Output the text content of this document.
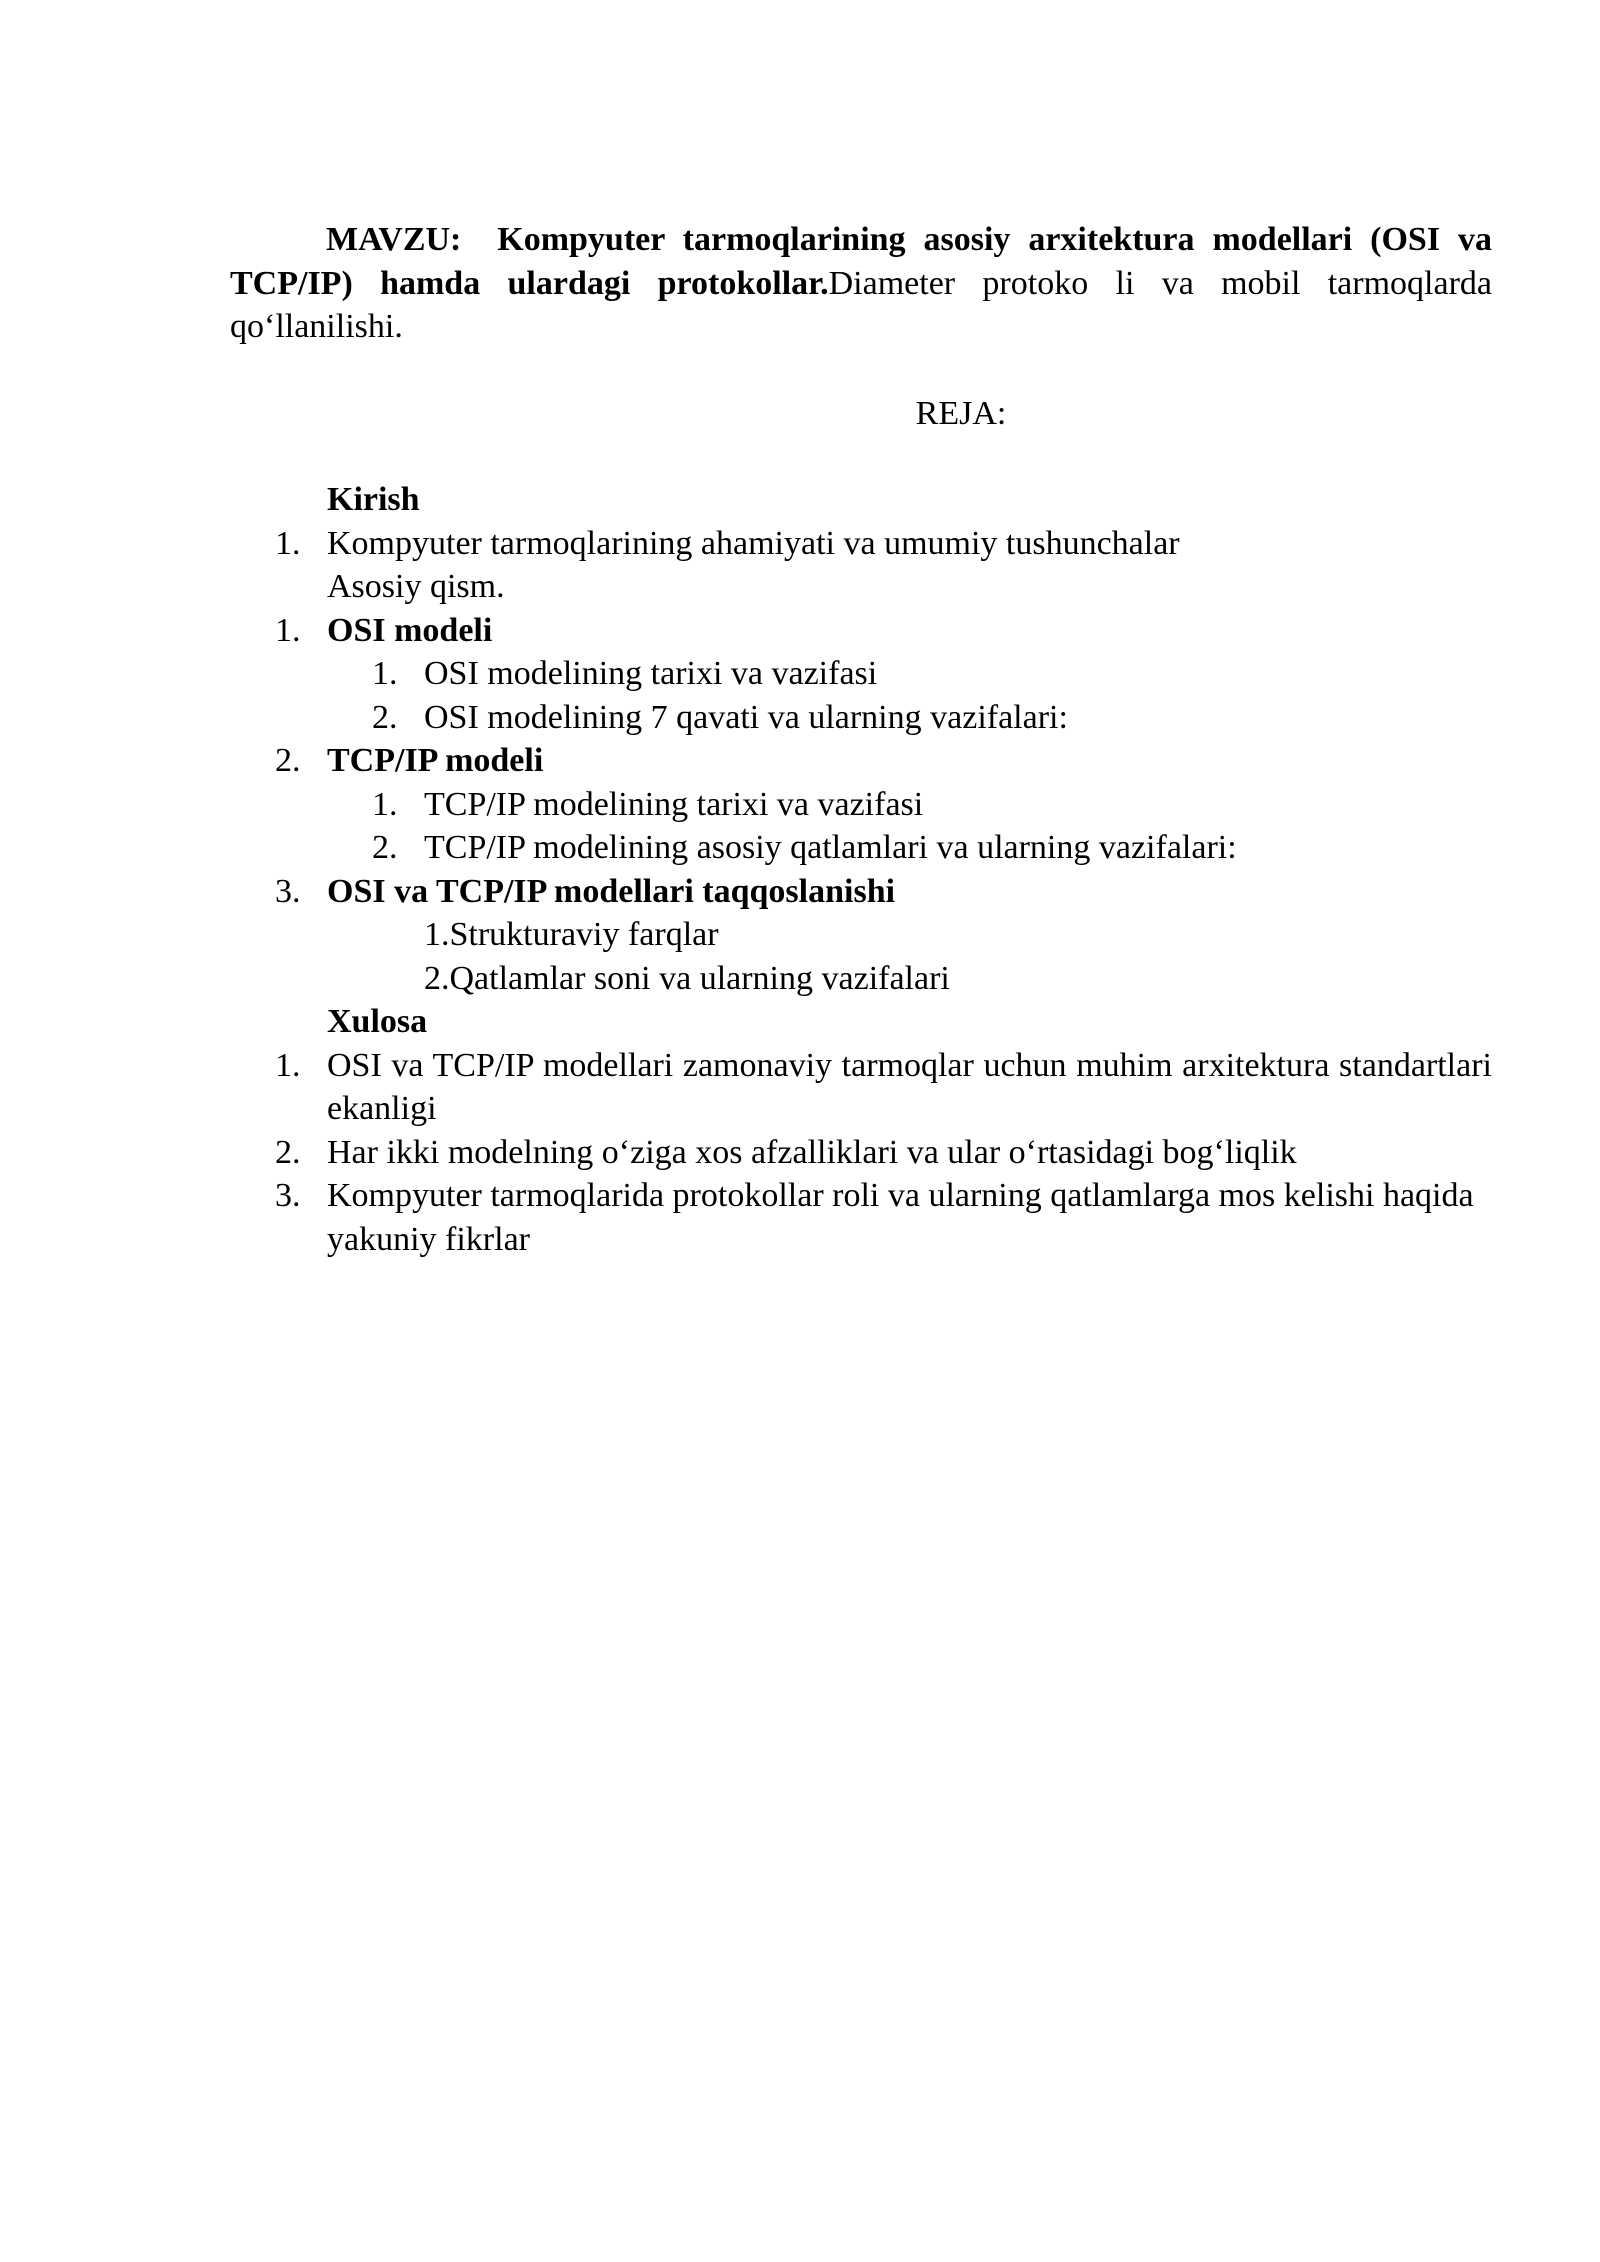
MAVZU: Kompyuter tarmoqlarining asosiy arxitektura modellari (OSI va TCP/IP) hamda ulardagi protokollar.Diameter protoko li va mobil tarmoqlarda qo‘llanilishi.

REJA:
Kirish
1. Kompyuter tarmoqlarining ahamiyati va umumiy tushunchalar
Asosiy qism.
1. OSI modeli
1. OSI modelining tarixi va vazifasi
2. OSI modelining 7 qavati va ularning vazifalari:
2. TCP/IP modeli
1. TCP/IP modelining tarixi va vazifasi
2. TCP/IP modelining asosiy qatlamlari va ularning vazifalari:
3. OSI va TCP/IP modellari taqqoslanishi
1.Strukturaviy farqlar
2.Qatlamlar soni va ularning vazifalari
Xulosa
1. OSI va TCP/IP modellari zamonaviy tarmoqlar uchun muhim arxitektura standartlari ekanligi
2. Har ikki modelning o‘ziga xos afzalliklari va ular o‘rtasidagi bog‘liqlik
3. Kompyuter tarmoqlarida protokollar roli va ularning qatlamlarga mos kelishi haqida yakuniy fikrlar
